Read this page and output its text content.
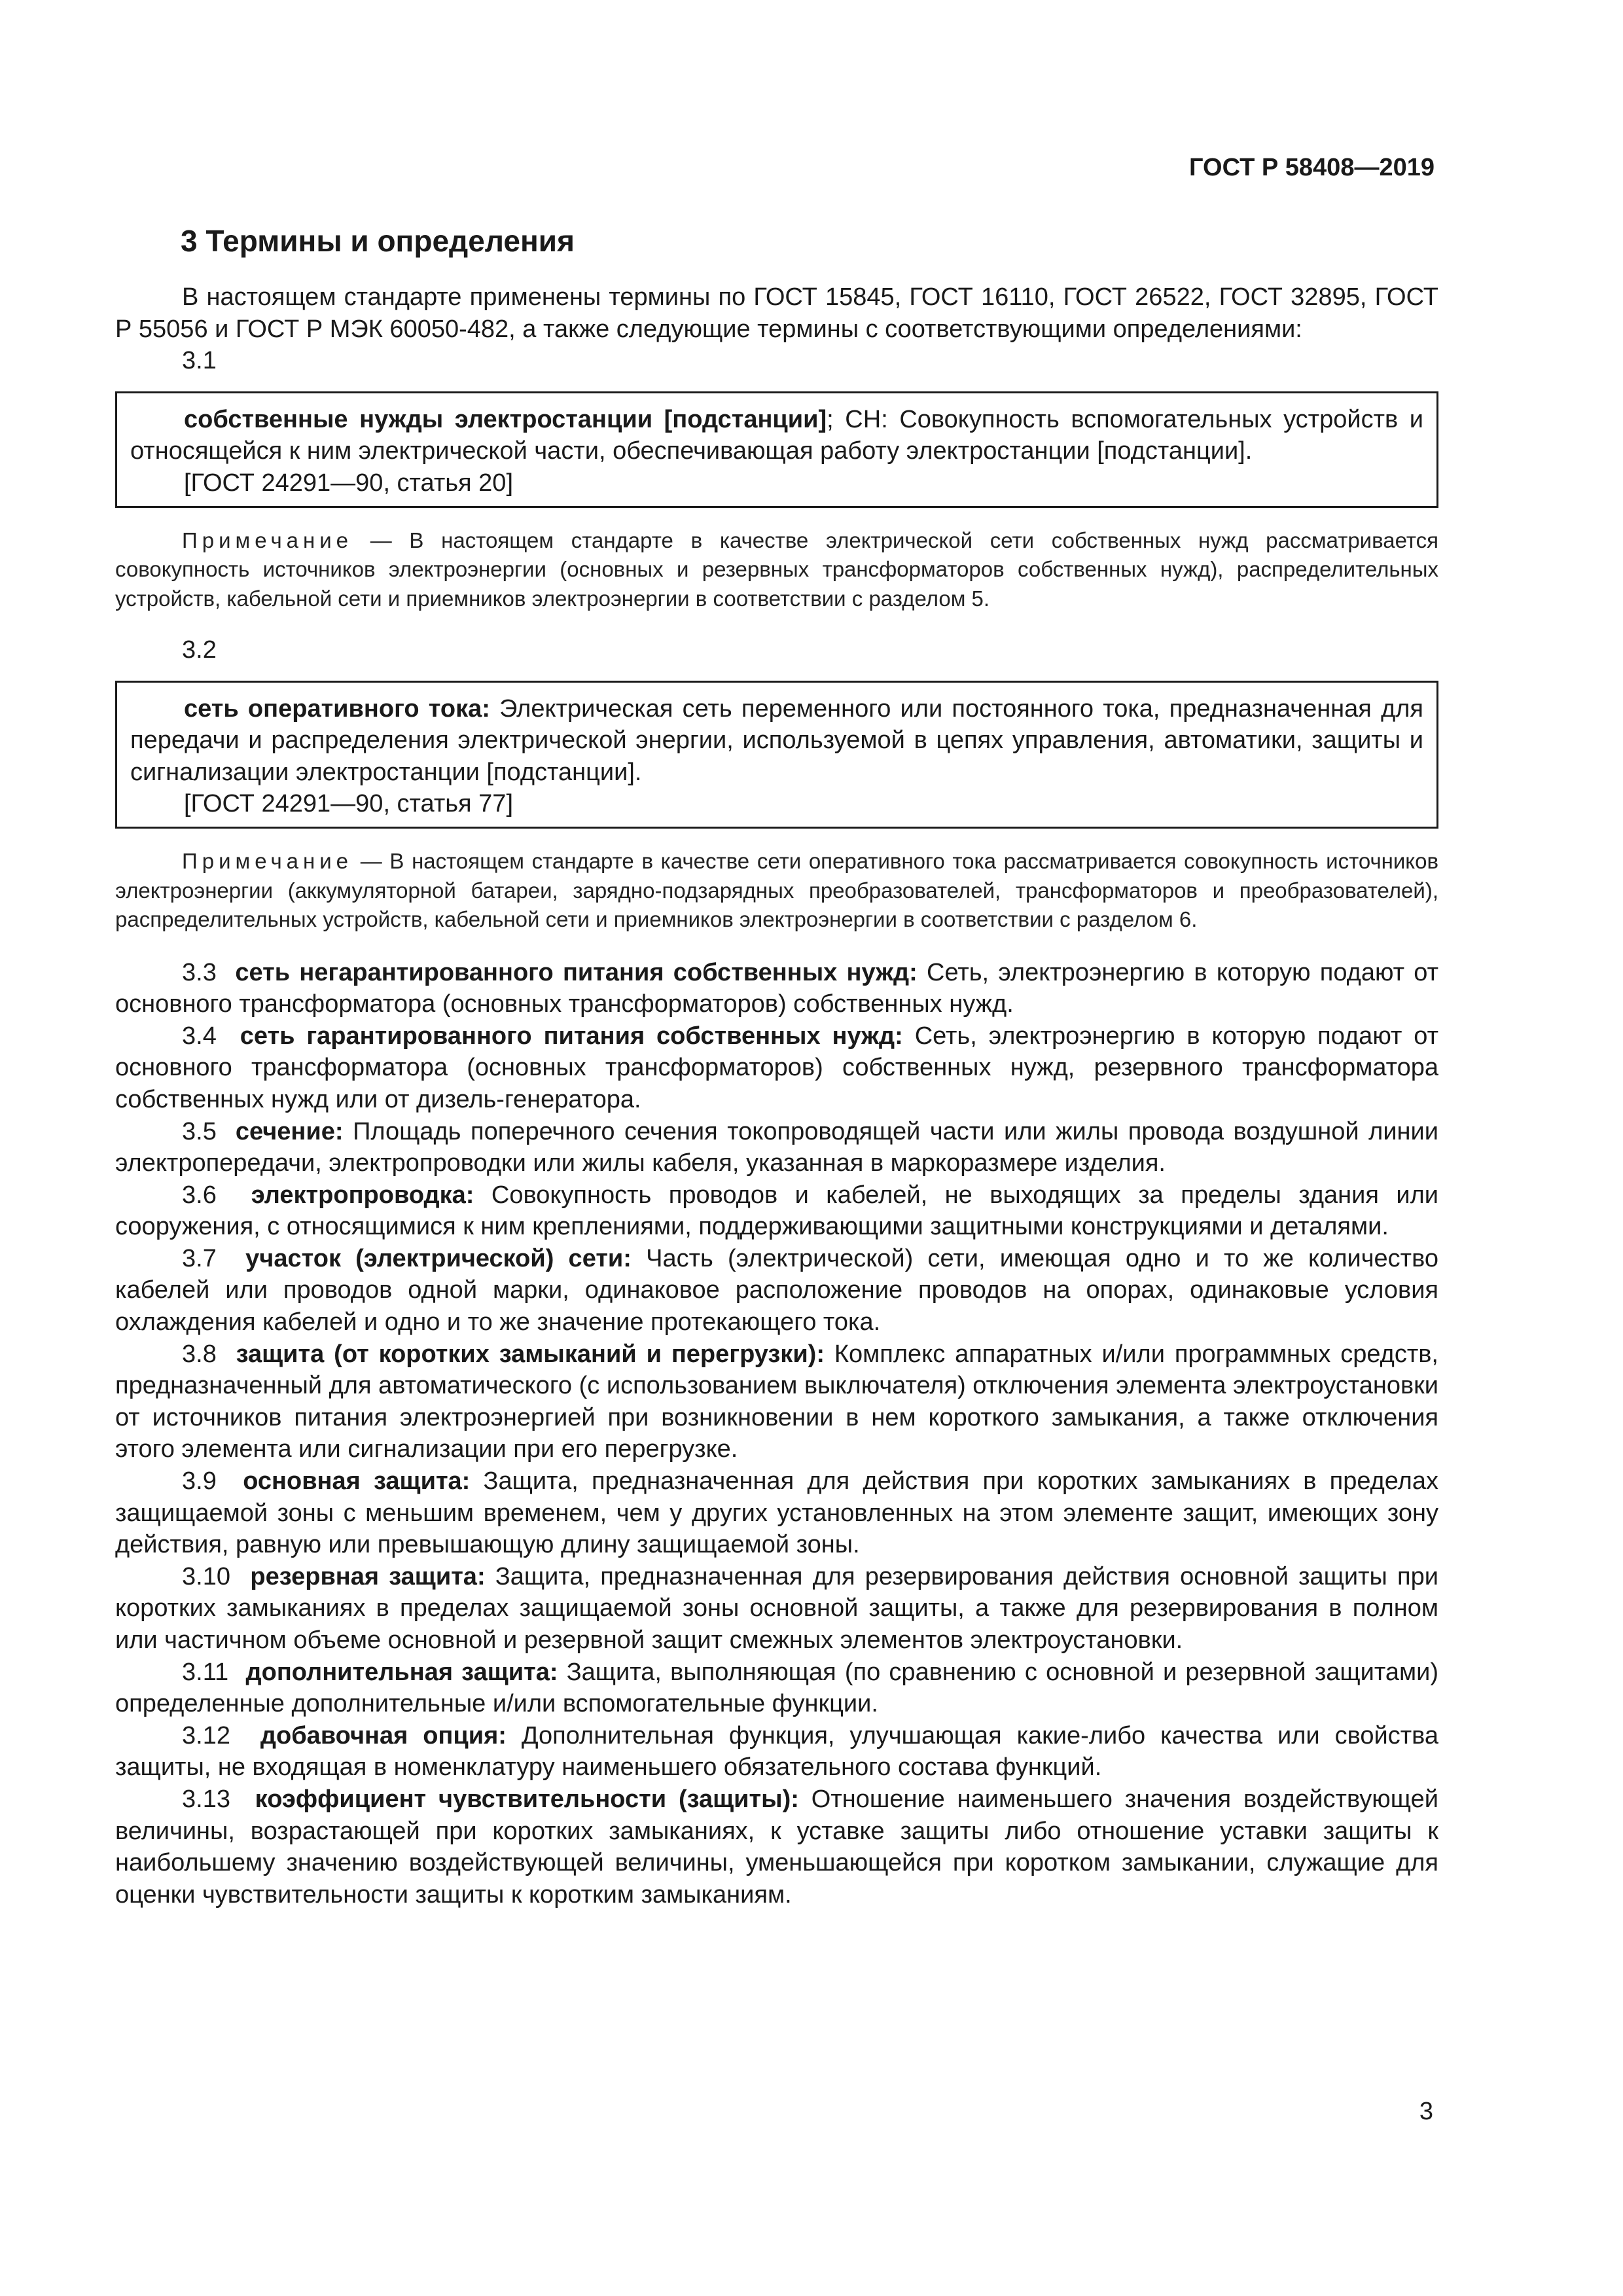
ГОСТ Р 58408—2019
3 Термины и определения

В настоящем стандарте применены термины по ГОСТ 15845, ГОСТ 16110, ГОСТ 26522, ГОСТ 32895, ГОСТ Р 55056 и ГОСТ Р МЭК 60050-482, а также следующие термины с соответствующими определениями:

3.1

собственные нужды электростанции [подстанции]; СН: Совокупность вспомогательных устройств и относящейся к ним электрической части, обеспечивающая работу электростанции [подстанции].

[ГОСТ 24291—90, статья 20]

Примечание — В настоящем стандарте в качестве электрической сети собственных нужд рассматривается совокупность источников электроэнергии (основных и резервных трансформаторов собственных нужд), распределительных устройств, кабельной сети и приемников электроэнергии в соответствии с разделом 5.

3.2

сеть оперативного тока: Электрическая сеть переменного или постоянного тока, предназначенная для передачи и распределения электрической энергии, используемой в цепях управления, автоматики, защиты и сигнализации электростанции [подстанции].

[ГОСТ 24291—90, статья 77]

Примечание — В настоящем стандарте в качестве сети оперативного тока рассматривается совокупность источников электроэнергии (аккумуляторной батареи, зарядно-подзарядных преобразователей, трансформаторов и преобразователей), распределительных устройств, кабельной сети и приемников электроэнергии в соответствии с разделом 6.

3.3 сеть негарантированного питания собственных нужд: Сеть, электроэнергию в которую подают от основного трансформатора (основных трансформаторов) собственных нужд.

3.4 сеть гарантированного питания собственных нужд: Сеть, электроэнергию в которую подают от основного трансформатора (основных трансформаторов) собственных нужд, резервного трансформатора собственных нужд или от дизель-генератора.

3.5 сечение: Площадь поперечного сечения токопроводящей части или жилы провода воздушной линии электропередачи, электропроводки или жилы кабеля, указанная в маркоразмере изделия.

3.6 электропроводка: Совокупность проводов и кабелей, не выходящих за пределы здания или сооружения, с относящимися к ним креплениями, поддерживающими защитными конструкциями и деталями.

3.7 участок (электрической) сети: Часть (электрической) сети, имеющая одно и то же количество кабелей или проводов одной марки, одинаковое расположение проводов на опорах, одинаковые условия охлаждения кабелей и одно и то же значение протекающего тока.

3.8 защита (от коротких замыканий и перегрузки): Комплекс аппаратных и/или программных средств, предназначенный для автоматического (с использованием выключателя) отключения элемента электроустановки от источников питания электроэнергией при возникновении в нем короткого замыкания, а также отключения этого элемента или сигнализации при его перегрузке.

3.9 основная защита: Защита, предназначенная для действия при коротких замыканиях в пределах защищаемой зоны с меньшим временем, чем у других установленных на этом элементе защит, имеющих зону действия, равную или превышающую длину защищаемой зоны.

3.10 резервная защита: Защита, предназначенная для резервирования действия основной защиты при коротких замыканиях в пределах защищаемой зоны основной защиты, а также для резервирования в полном или частичном объеме основной и резервной защит смежных элементов электроустановки.

3.11 дополнительная защита: Защита, выполняющая (по сравнению с основной и резервной защитами) определенные дополнительные и/или вспомогательные функции.

3.12 добавочная опция: Дополнительная функция, улучшающая какие-либо качества или свойства защиты, не входящая в номенклатуру наименьшего обязательного состава функций.

3.13 коэффициент чувствительности (защиты): Отношение наименьшего значения воздействующей величины, возрастающей при коротких замыканиях, к уставке защиты либо отношение уставки защиты к наибольшему значению воздействующей величины, уменьшающейся при коротком замыкании, служащие для оценки чувствительности защиты к коротким замыканиям.

3
